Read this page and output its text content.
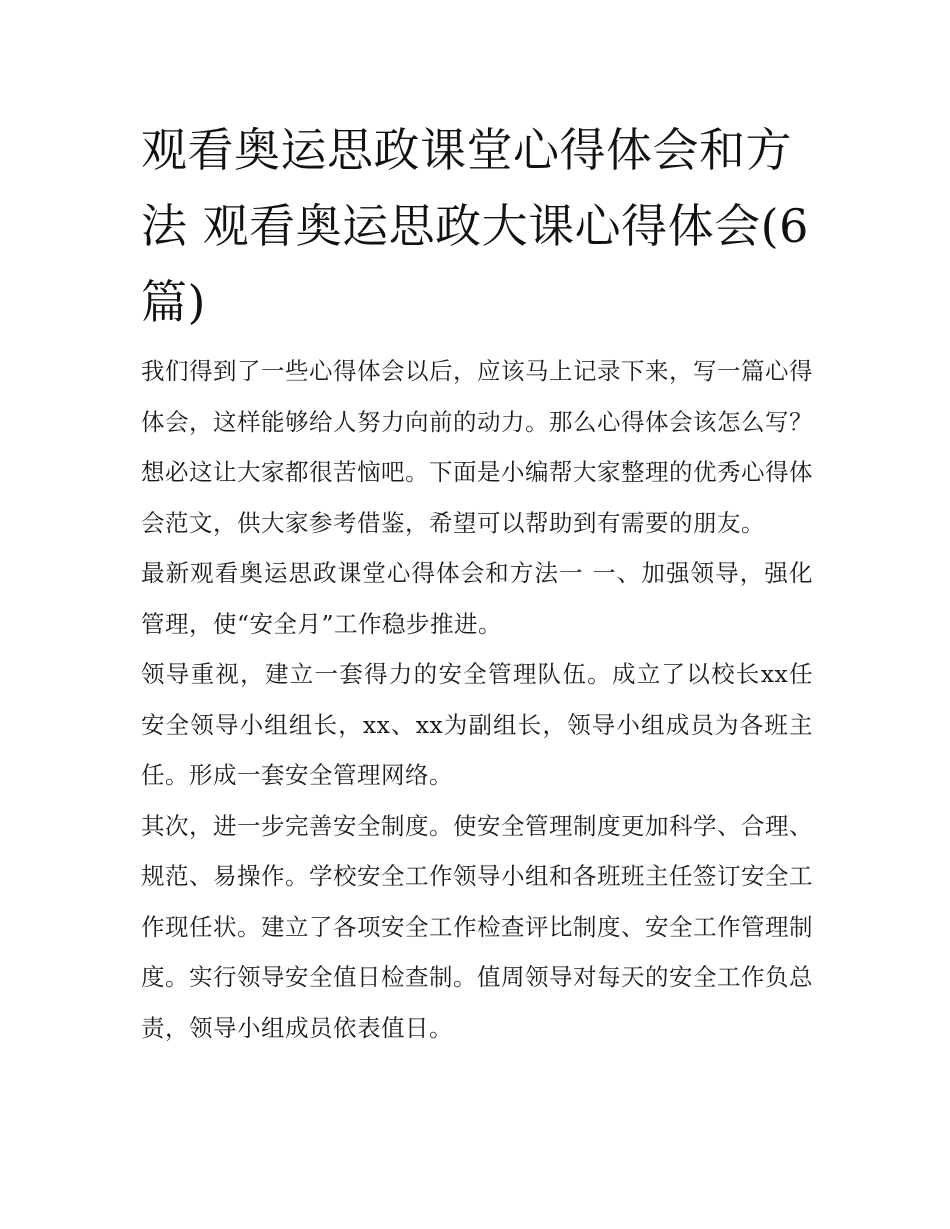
观看奥运思政课堂心得体会和方法 观看奥运思政大课心得体会(6篇)

我们得到了一些心得体会以后，应该马上记录下来，写一篇心得体会，这样能够给人努力向前的动力。那么心得体会该怎么写？想必这让大家都很苦恼吧。下面是小编帮大家整理的优秀心得体会范文，供大家参考借鉴，希望可以帮助到有需要的朋友。

最新观看奥运思政课堂心得体会和方法一 一、加强领导，强化管理，使“安全月”工作稳步推进。

领导重视，建立一套得力的安全管理队伍。成立了以校长xx任安全领导小组组长，xx、xx为副组长，领导小组成员为各班主任。形成一套安全管理网络。

其次，进一步完善安全制度。使安全管理制度更加科学、合理、规范、易操作。学校安全工作领导小组和各班班主任签订安全工作现任状。建立了各项安全工作检查评比制度、安全工作管理制度。实行领导安全值日检查制。值周领导对每天的安全工作负总责，领导小组成员依表值日。
